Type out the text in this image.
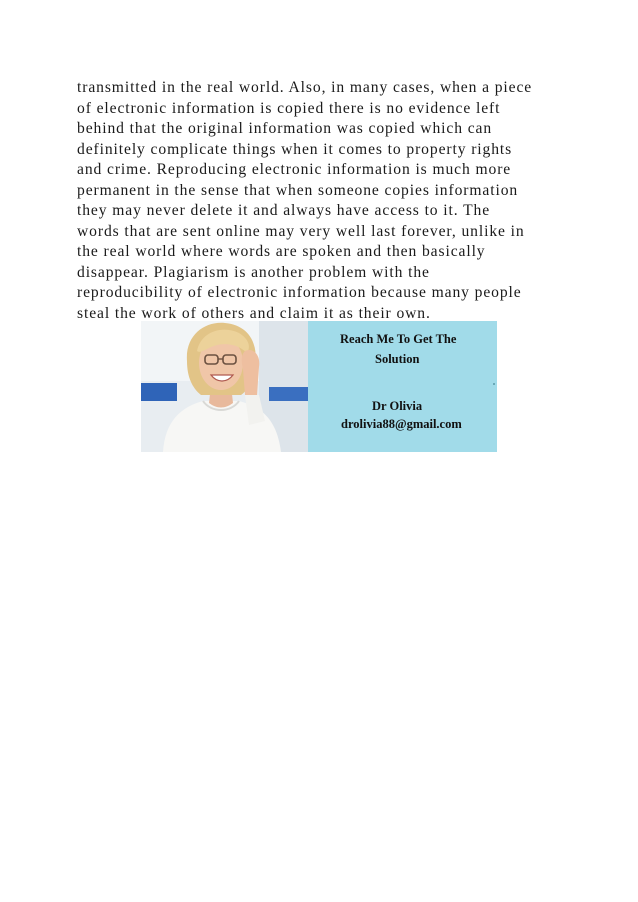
transmitted in the real world. Also, in many cases, when a piece
of electronic information is copied there is no evidence left
behind that the original information was copied which can
definitely complicate things when it comes to property rights
and crime. Reproducing electronic information is much more
permanent in the sense that when someone copies information
they may never delete it and always have access to it. The
words that are sent online may very well last forever, unlike in
the real world where words are spoken and then basically
disappear. Plagiarism is another problem with the
reproducibility of electronic information because many people
steal the work of others and claim it as their own.
Reach Me To Get The
Solution
Dr Olivia
drolivia88@gmail.com
